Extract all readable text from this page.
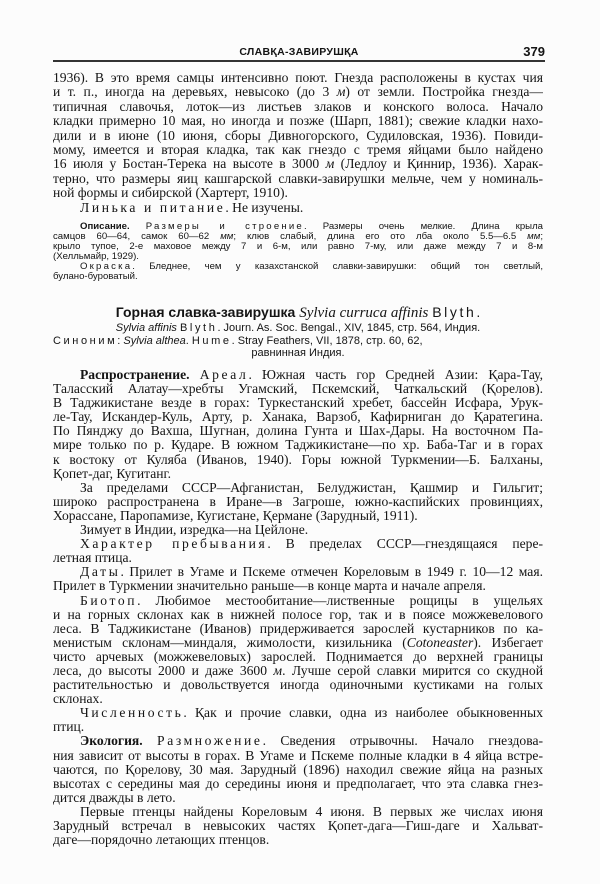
СЛАВҚА-ЗАВИРУШҚА	379
1936). В это время самцы интенсивно поют. Гнезда расположены в кустах чия
и т. п., иногда на деревьях, невысоко (до 3 м) от земли. Постройка гнезда—
типичная славочья, лоток—из листьев злаков и конского волоса. Начало
кладки примерно 10 мая, но иногда и позже (Шарп, 1881); свежие кладки нахо-
дили и в июне (10 июня, сборы Дивногорского, Судиловская, 1936). Повиди-
мому, имеется и вторая кладка, так как гнездо с тремя яйцами было найдено
16 июля у Бостан-Терека на высоте в 3000 м (Ледлоу и Қиннир, 1936). Харак-
терно, что размеры яиц кашгарской славки-завирушки мельче, чем у номиналь-
ной формы и сибирской (Хартерт, 1910).
Линька и питание. Не изучены.
Описание. Размеры и строение. Размеры очень мелкие. Длина крыла
самцов 60—64, самок 60—62 мм; клюв слабый, длина его ото лба около 5.5—6.5 мм;
крыло тупое, 2-е маховое между 7 и 6-м, или равно 7-му, или даже между 7 и 8-м
(Хелльмайр, 1929).
Окраска. Бледнее, чем у казахстанской славки-завирушки: общий тон светлый,
булано-буроватый.
Горная славка-завирушка Sylvia curruca affinis Blyth.
Sylvia affinis Blyth. Journ. As. Soc. Bengal., XIV, 1845, стр. 564, Индия.
Синоним: Sylvia althea. Hume. Stray Feathers, VII, 1878, стр. 60, 62,
равнинная Индия.
Распространение. Ареал. Южная часть гор Средней Азии: Қара-Тау,
Таласский Алатау—хребты Угамский, Пскемский, Чаткальский (Қорелов).
В Таджикистане везде в горах: Туркестанский хребет, бассейн Исфара, Урук-
ле-Тау, Искандер-Куль, Арту, р. Ханака, Варзоб, Кафирниган до Қаратегина.
По Пянджу до Вахша, Шугнан, долина Гунта и Шах-Дары. На восточном Па-
мире только по р. Кударе. В южном Таджикистане—по хр. Баба-Таг и в горах
к востоку от Куляба (Иванов, 1940). Горы южной Туркмении—Б. Балханы,
Қопет-даг, Кугитанг.
За пределами СССР—Афганистан, Белуджистан, Қашмир и Гильгит;
широко распространена в Иране—в Загроше, южно-каспийских провинциях,
Хорассане, Паропамизе, Кугистане, Қермане (Зарудный, 1911).
Зимует в Индии, изредка—на Цейлоне.
Характер пребывания. В пределах СССР—гнездящаяся пере-
летная птица.
Даты. Прилет в Угаме и Пскеме отмечен Кореловым в 1949 г. 10—12 мая.
Прилет в Туркмении значительно раньше—в конце марта и начале апреля.
Биотоп. Любимое местообитание—лиственные рощицы в ущельях
и на горных склонах как в нижней полосе гор, так и в поясе можжевелового
леса. В Таджикистане (Иванов) придерживается зарослей кустарников по ка-
менистым склонам—миндаля, жимолости, кизильника (Cotoneaster). Избегает
чисто арчевых (можжевеловых) зарослей. Поднимается до верхней границы
леса, до высоты 2000 и даже 3600 м. Лучше серой славки мирится со скудной
растительностью и довольствуется иногда одиночными кустиками на голых
склонах.
Численность. Қак и прочие славки, одна из наиболее обыкновенных
птиц.
Экология. Размножение. Сведения отрывочны. Начало гнездова-
ния зависит от высоты в горах. В Угаме и Пскеме полные кладки в 4 яйца встре-
чаются, по Қорелову, 30 мая. Зарудный (1896) находил свежие яйца на разных
высотах с середины мая до середины июня и предполагает, что эта славка гнез-
дится дважды в лето.
Первые птенцы найдены Кореловым 4 июня. В первых же числах июня
Зарудный встречал в невысоких частях Қопет-дага—Гиш-даге и Хальват-
даге—порядочно летающих птенцов.
